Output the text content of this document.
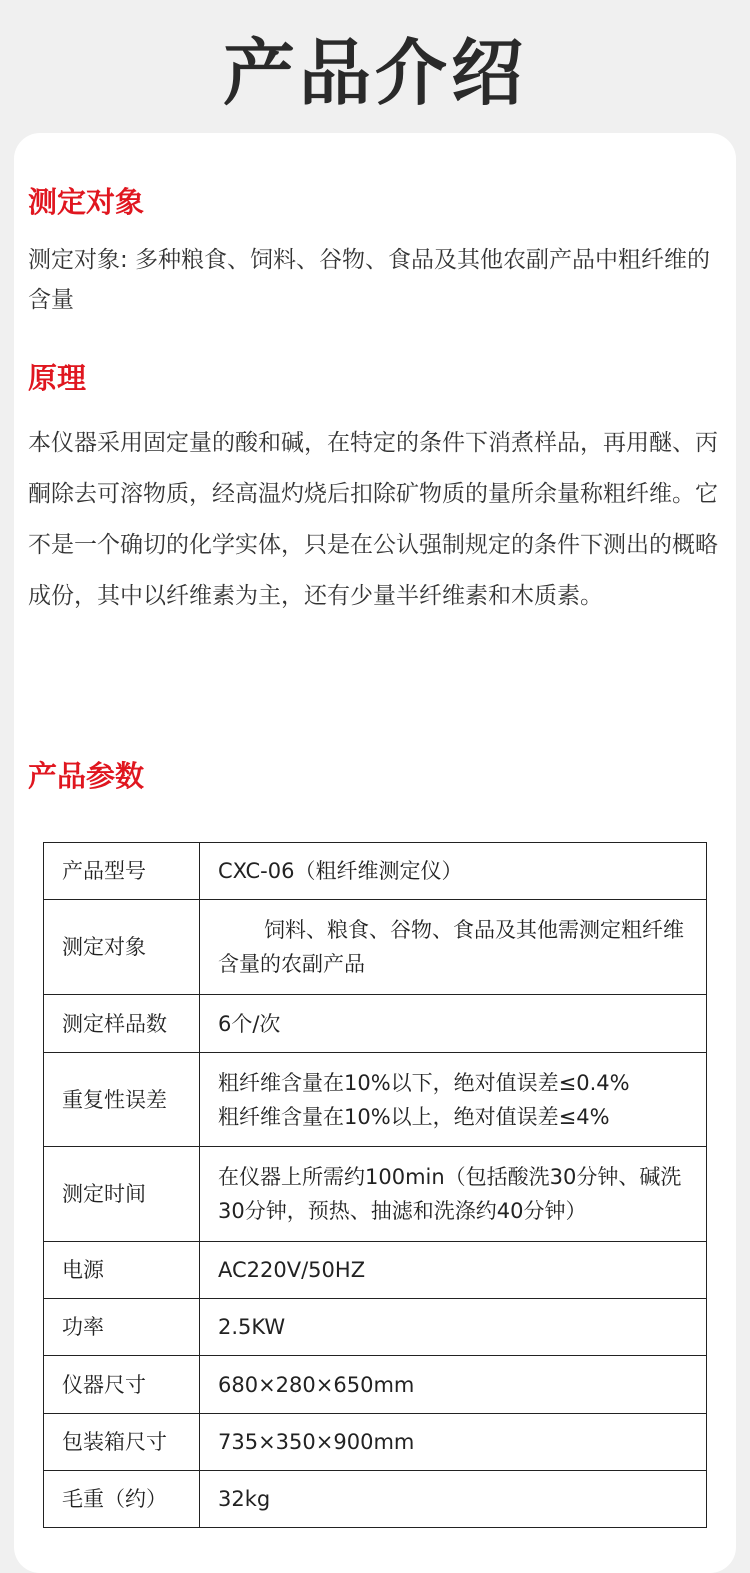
产品介绍
测定对象
测定对象: 多种粮食、饲料、谷物、食品及其他农副产品中粗纤维的含量
原理
本仪器采用固定量的酸和碱，在特定的条件下消煮样品，再用醚、丙酮除去可溶物质，经高温灼烧后扣除矿物质的量所余量称粗纤维。它不是一个确切的化学实体，只是在公认强制规定的条件下测出的概略成份，其中以纤维素为主，还有少量半纤维素和木质素。
产品参数
产品型号	CXC-06（粗纤维测定仪）
测定对象	饲料、粮食、谷物、食品及其他需测定粗纤维含量的农副产品
测定样品数	6个/次
重复性误差	粗纤维含量在10%以下，绝对值误差≤0.4%
粗纤维含量在10%以上，绝对值误差≤4%

测定时间	在仪器上所需约100min（包括酸洗30分钟、碱洗30分钟，预热、抽滤和洗涤约40分钟）
电源	AC220V/50HZ
功率	2.5KW
仪器尺寸	680×280×650mm
包装箱尺寸	735×350×900mm
毛重（约）	32kg
